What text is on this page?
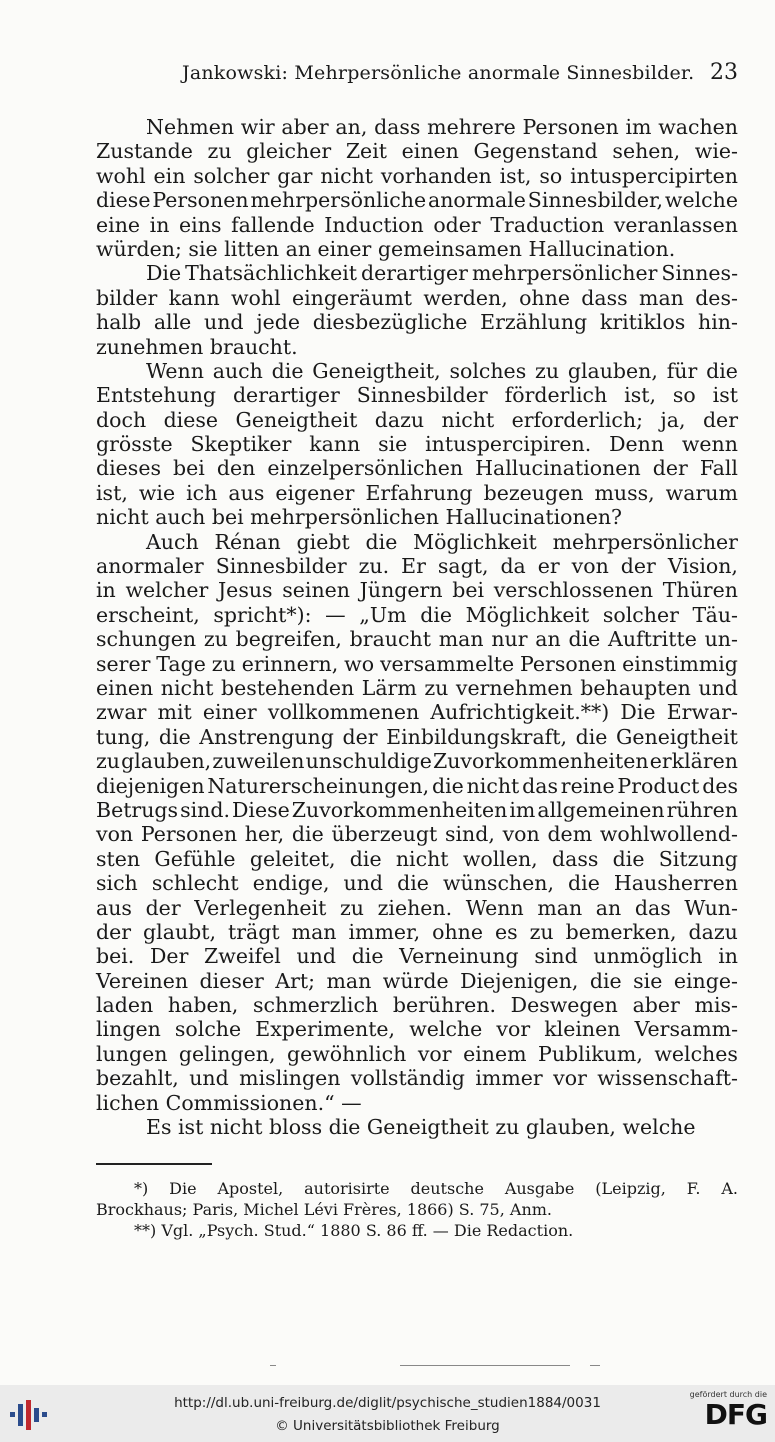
Jankowski: Mehrpersönliche anormale Sinnesbilder. 23
Nehmen wir aber an, dass mehrere Personen im wachen
Zustande zu gleicher Zeit einen Gegenstand sehen, wie-
wohl ein solcher gar nicht vorhanden ist, so intuspercipirten
diese Personen mehrpersönliche anormale Sinnesbilder, welche
eine in eins fallende Induction oder Traduction veranlassen
würden; sie litten an einer gemeinsamen Hallucination.
Die Thatsächlichkeit derartiger mehrpersönlicher Sinnes-
bilder kann wohl eingeräumt werden, ohne dass man des-
halb alle und jede diesbezügliche Erzählung kritiklos hin-
zunehmen braucht.
Wenn auch die Geneigtheit, solches zu glauben, für die
Entstehung derartiger Sinnesbilder förderlich ist, so ist
doch diese Geneigtheit dazu nicht erforderlich; ja, der
grösste Skeptiker kann sie intuspercipiren. Denn wenn
dieses bei den einzelpersönlichen Hallucinationen der Fall
ist, wie ich aus eigener Erfahrung bezeugen muss, warum
nicht auch bei mehrpersönlichen Hallucinationen?
Auch Rénan giebt die Möglichkeit mehrpersönlicher
anormaler Sinnesbilder zu. Er sagt, da er von der Vision,
in welcher Jesus seinen Jüngern bei verschlossenen Thüren
erscheint, spricht*): — „Um die Möglichkeit solcher Täu-
schungen zu begreifen, braucht man nur an die Auftritte un-
serer Tage zu erinnern, wo versammelte Personen einstimmig
einen nicht bestehenden Lärm zu vernehmen behaupten und
zwar mit einer vollkommenen Aufrichtigkeit.**) Die Erwar-
tung, die Anstrengung der Einbildungskraft, die Geneigtheit
zu glauben, zuweilen unschuldige Zuvorkommenheiten erklären
diejenigen Naturerscheinungen, die nicht das reine Product des
Betrugs sind. Diese Zuvorkommenheiten im allgemeinen rühren
von Personen her, die überzeugt sind, von dem wohlwollend-
sten Gefühle geleitet, die nicht wollen, dass die Sitzung
sich schlecht endige, und die wünschen, die Hausherren
aus der Verlegenheit zu ziehen. Wenn man an das Wun-
der glaubt, trägt man immer, ohne es zu bemerken, dazu
bei. Der Zweifel und die Verneinung sind unmöglich in
Vereinen dieser Art; man würde Diejenigen, die sie einge-
laden haben, schmerzlich berühren. Deswegen aber mis-
lingen solche Experimente, welche vor kleinen Versamm-
lungen gelingen, gewöhnlich vor einem Publikum, welches
bezahlt, und mislingen vollständig immer vor wissenschaft-
lichen Commissionen.“ —
Es ist nicht bloss die Geneigtheit zu glauben, welche
*) Die Apostel, autorisirte deutsche Ausgabe (Leipzig, F. A.
Brockhaus; Paris, Michel Lévi Frères, 1866) S. 75, Anm.
**) Vgl. „Psych. Stud.“ 1880 S. 86 ff. — Die Redaction.
http://dl.ub.uni-freiburg.de/diglit/psychische_studien1884/0031
© Universitätsbibliothek Freiburg
gefördert durch die
DFG
